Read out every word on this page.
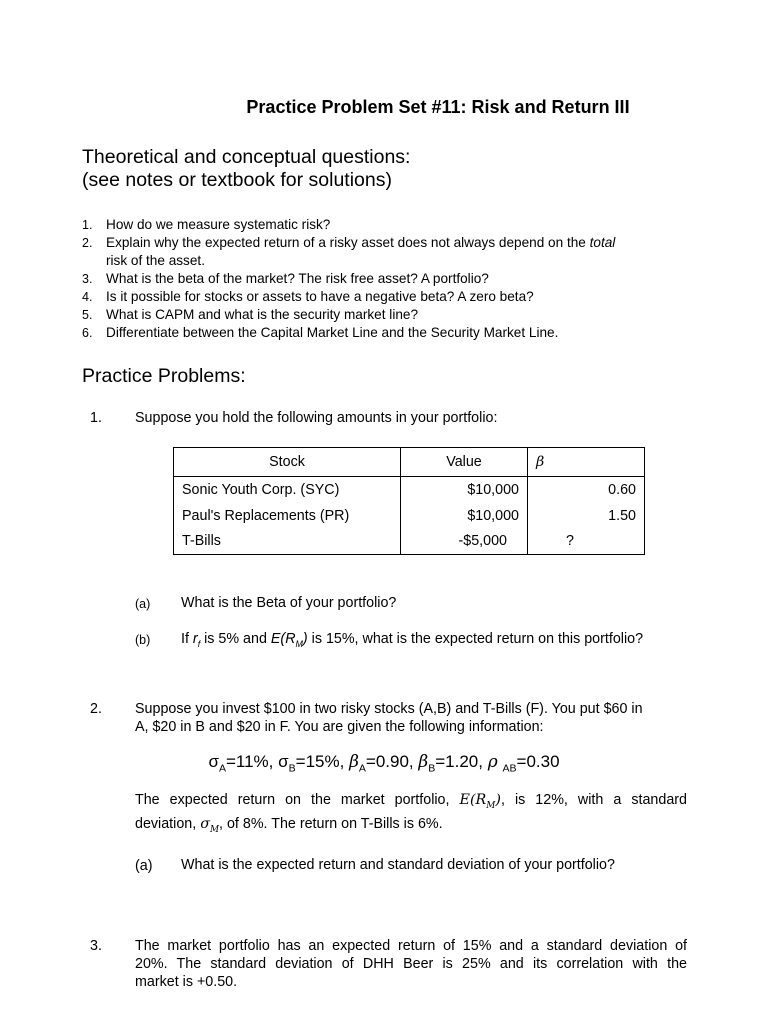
Practice Problem Set #11: Risk and Return III
Theoretical and conceptual questions:
(see notes or textbook for solutions)
1. How do we measure systematic risk?
2. Explain why the expected return of a risky asset does not always depend on the total
risk of the asset.
3. What is the beta of the market? The risk free asset? A portfolio?
4. Is it possible for stocks or assets to have a negative beta? A zero beta?
5. What is CAPM and what is the security market line?
6. Differentiate between the Capital Market Line and the Security Market Line.
Practice Problems:
1. Suppose you hold the following amounts in your portfolio:
Stock	Value	β
Sonic Youth Corp. (SYC)	$10,000	0.60
Paul's Replacements (PR)	$10,000	1.50
T-Bills	-$5,000	?
(a) What is the Beta of your portfolio?
(b) If $r_f$ is 5% and $E(R_M)$ is 15%, what is the expected return on this portfolio?
2. Suppose you invest $100 in two risky stocks (A,B) and T-Bills (F). You put $60 in
A, $20 in B and $20 in F. You are given the following information:
$\sigma_A=11\%$, $\sigma_B=15\%$, $\beta_A=0.90$, $\beta_B=1.20$, ρ $_{AB}$=0.30
The expected return on the market portfolio, $E(R_M)$, is 12%, with a standard
deviation, $\sigma_M$, of 8%. The return on T-Bills is 6%.
(a) What is the expected return and standard deviation of your portfolio?
3. The market portfolio has an expected return of 15% and a standard deviation of
20%. The standard deviation of DHH Beer is 25% and its correlation with the
market is +0.50.
